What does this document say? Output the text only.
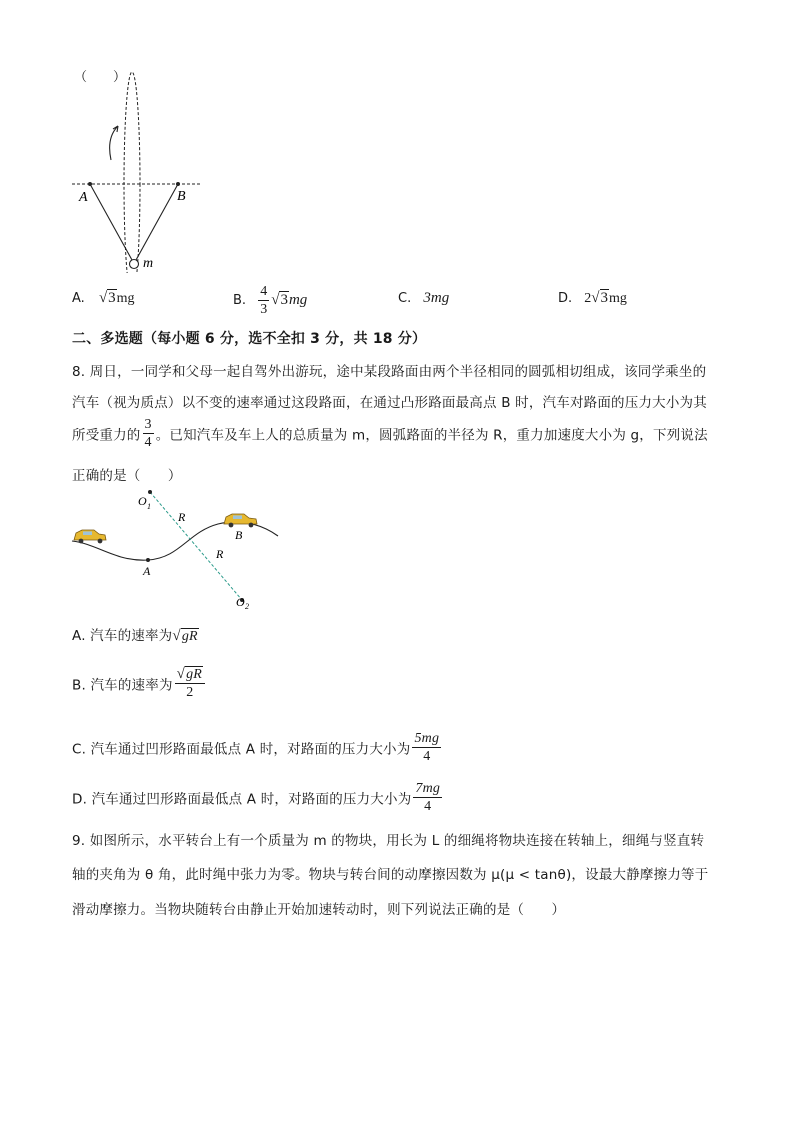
（　　）
A	B
m
A. √3mg	B. $\frac{4}{3} √3mg$	C. 3mg	D. 2√3mg
二、多选题（每小题 6 分，选不全扣 3 分，共 18 分）
8. 周日，一同学和父母一起自驾外出游玩，途中某段路面由两个半径相同的圆弧相切组成，该同学乘坐的
汽车（视为质点）以不变的速率通过这段路面，在通过凸形路面最高点 B 时，汽车对路面的压力大小为其
所受重力的 $\frac{3}{4}$ 。已知汽车及车上人的总质量为 m，圆弧路面的半径为 R，重力加速度大小为 g，下列说法
正确的是（　　）
O 1
R
R
B
A
O 2
A. 汽车的速率为√gR
B. 汽车的速率为 $\frac{√gR}{2}$
C. 汽车通过凹形路面最低点 A 时，对路面的压力大小为 $\frac{5mg}{4}$
D. 汽车通过凹形路面最低点 A 时，对路面的压力大小为 $\frac{7mg}{4}$
9. 如图所示，水平转台上有一个质量为 m 的物块，用长为 L 的细绳将物块连接在转轴上，细绳与竖直转
轴的夹角为 θ 角，此时绳中张力为零。物块与转台间的动摩擦因数为 μ(μ < tanθ)，设最大静摩擦力等于
滑动摩擦力。当物块随转台由静止开始加速转动时，则下列说法正确的是（　　）
